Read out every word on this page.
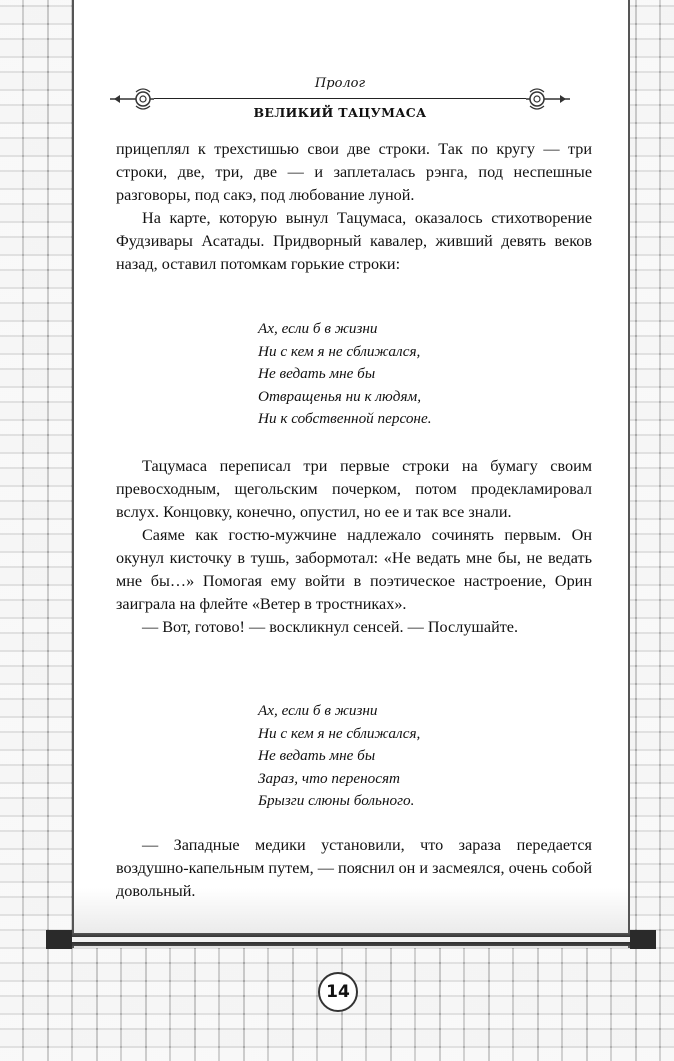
Пролог
ВЕЛИКИЙ ТАЦУМАСА

прицеплял к трехстишью свои две строки. Так по кругу — три строки, две, три, две — и заплеталась рэнга, под неспешные разговоры, под сакэ, под любование луной.

На карте, которую вынул Тацумаса, оказалось стихотворение Фудзивары Асатады. Придворный кавалер, живший девять веков назад, оставил потомкам горькие строки:

Ах, если б в жизни
Ни с кем я не сближался,
Не ведать мне бы
Отвращенья ни к людям,
Ни к собственной персоне.

Тацумаса переписал три первые строки на бумагу своим превосходным, щегольским почерком, потом продекламировал вслух. Концовку, конечно, опустил, но ее и так все знали.

Саяме как гостю-мужчине надлежало сочинять первым. Он окунул кисточку в тушь, забормотал: «Не ведать мне бы, не ведать мне бы…» Помогая ему войти в поэтическое настроение, Орин заиграла на флейте «Ветер в тростниках».

— Вот, готово! — воскликнул сенсей. — Послушайте.

Ах, если б в жизни
Ни с кем я не сближался,
Не ведать мне бы
Зараз, что переносят
Брызги слюны больного.

— Западные медики установили, что зараза передается воздушно-капельным путем, — пояснил он и засмеялся, очень собой довольный.

14
